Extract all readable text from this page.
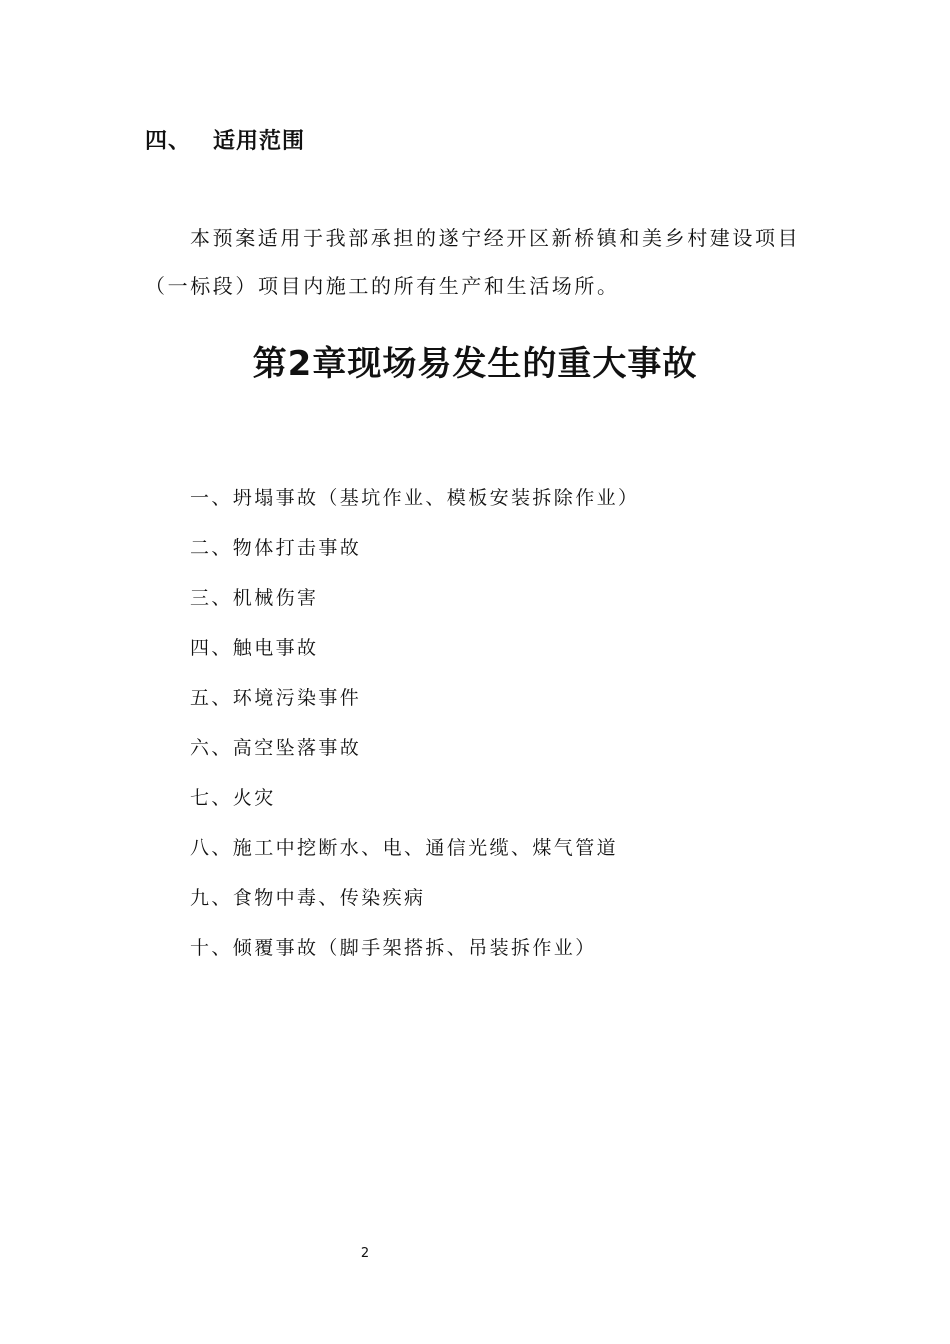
四、 适用范围
本预案适用于我部承担的遂宁经开区新桥镇和美乡村建设项目
（一标段）项目内施工的所有生产和生活场所。
第2章现场易发生的重大事故
一、坍塌事故（基坑作业、模板安装拆除作业）
二、物体打击事故
三、机械伤害
四、触电事故
五、环境污染事件
六、高空坠落事故
七、火灾
八、施工中挖断水、电、通信光缆、煤气管道
九、食物中毒、传染疾病
十、倾覆事故（脚手架搭拆、吊装拆作业）
2
